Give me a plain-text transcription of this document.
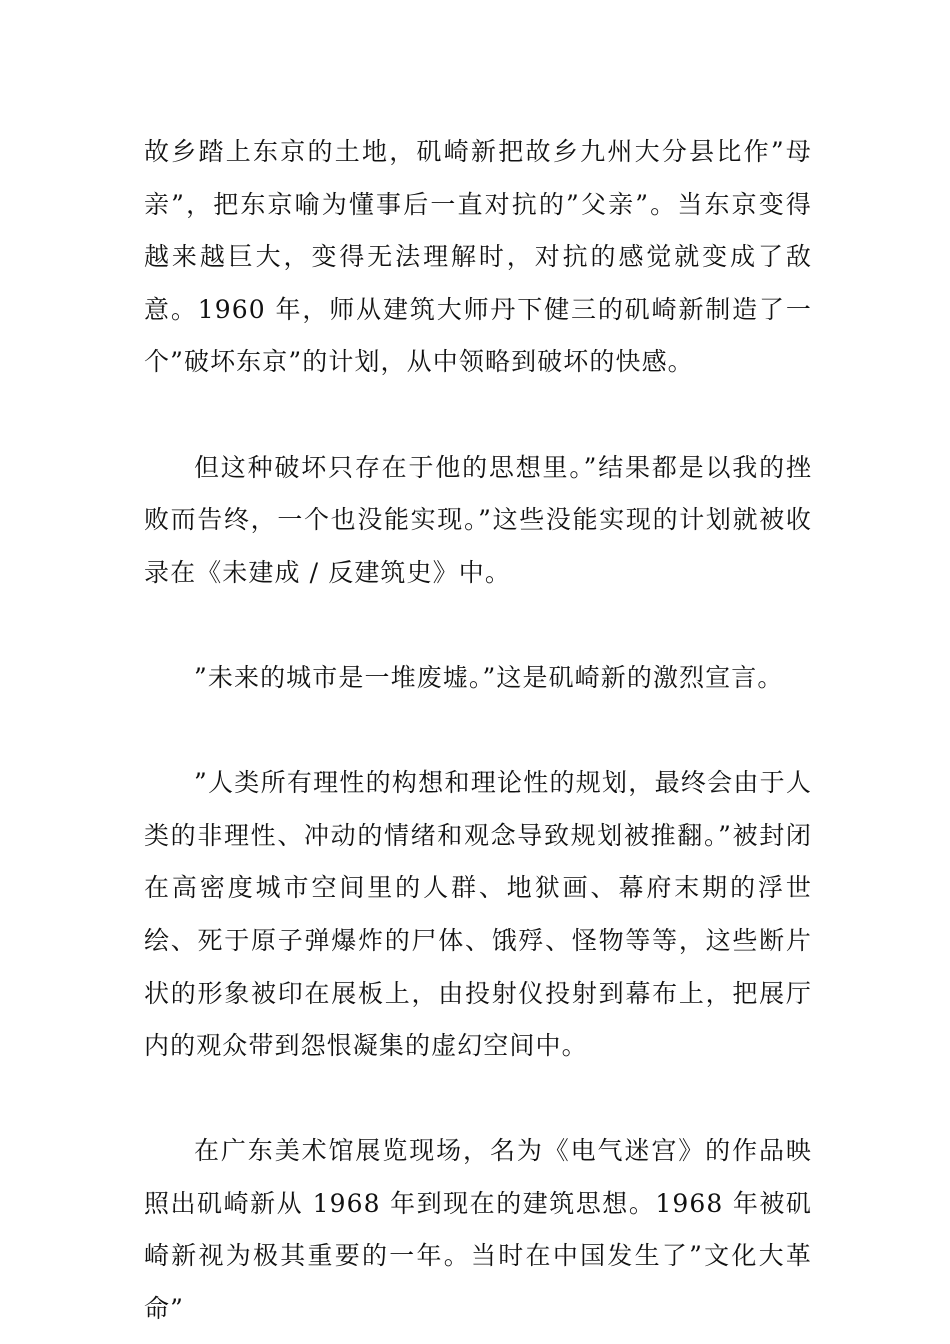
故乡踏上东京的土地，矶崎新把故乡九州大分县比作”母亲”，把东京喻为懂事后一直对抗的”父亲”。当东京变得越来越巨大，变得无法理解时，对抗的感觉就变成了敌意。1960 年，师从建筑大师丹下健三的矶崎新制造了一个”破坏东京”的计划，从中领略到破坏的快感。

但这种破坏只存在于他的思想里。”结果都是以我的挫败而告终，一个也没能实现。”这些没能实现的计划就被收录在《未建成 / 反建筑史》中。

”未来的城市是一堆废墟。”这是矶崎新的激烈宣言。

”人类所有理性的构想和理论性的规划，最终会由于人类的非理性、冲动的情绪和观念导致规划被推翻。”被封闭在高密度城市空间里的人群、地狱画、幕府末期的浮世绘、死于原子弹爆炸的尸体、饿殍、怪物等等，这些断片状的形象被印在展板上，由投射仪投射到幕布上，把展厅内的观众带到怨恨凝集的虚幻空间中。

在广东美术馆展览现场，名为《电气迷宫》的作品映照出矶崎新从 1968 年到现在的建筑思想。1968 年被矶崎新视为极其重要的一年。当时在中国发生了”文化大革命”
